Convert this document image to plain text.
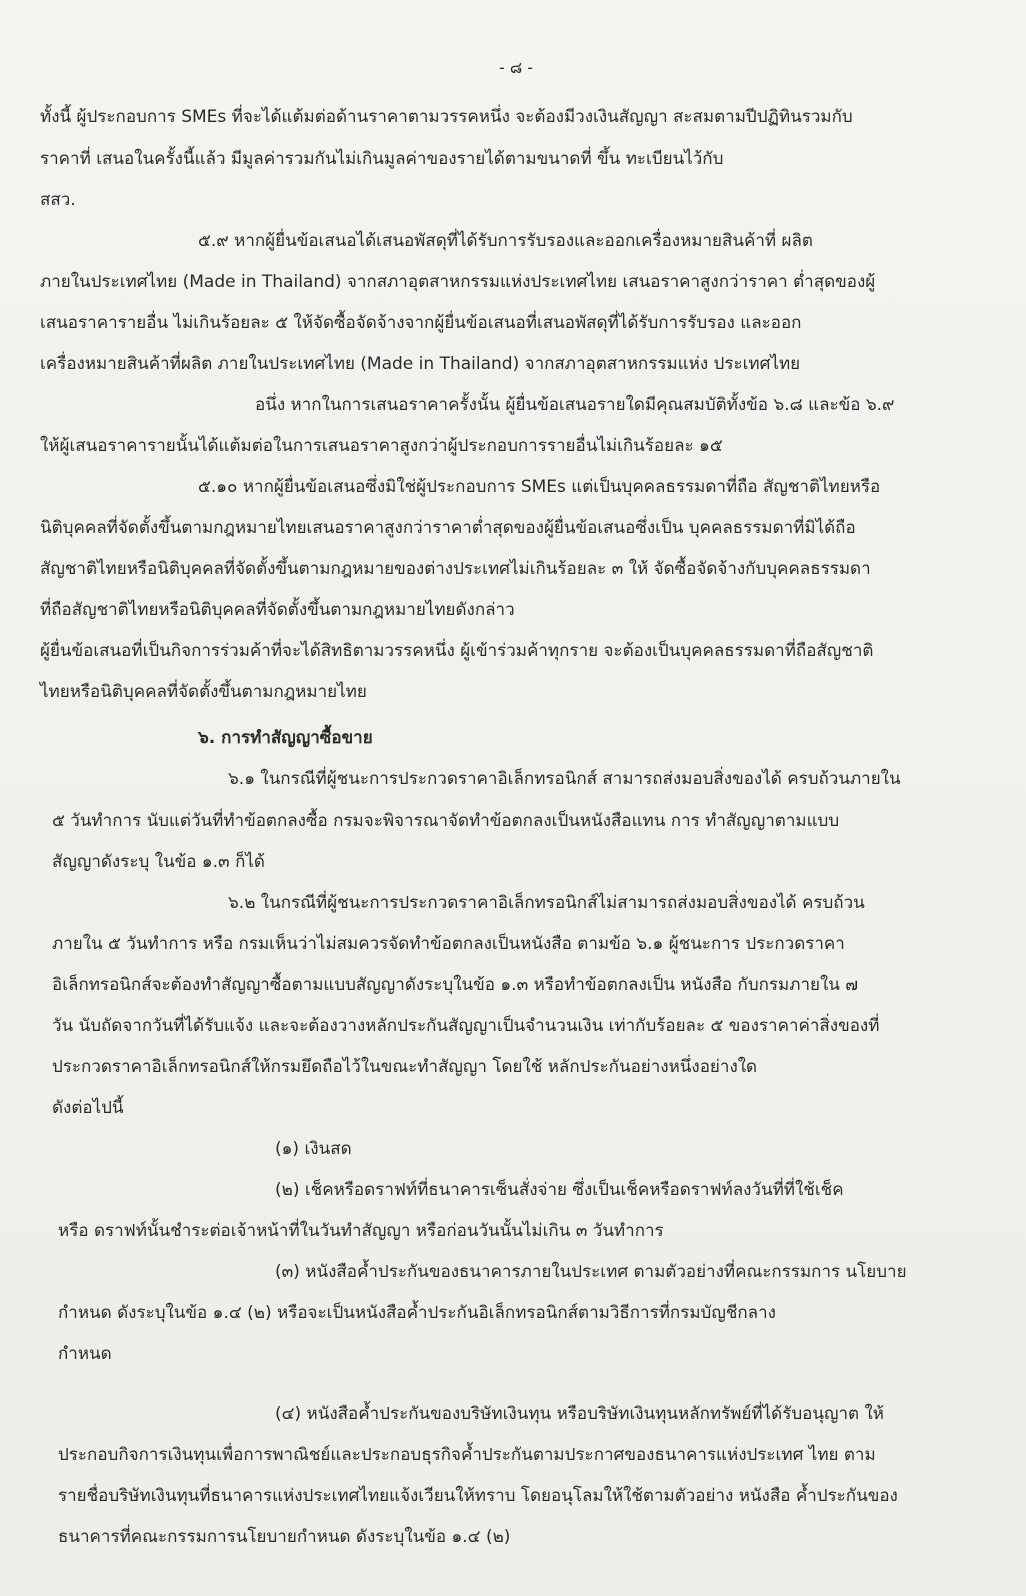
- ๘ -
ทั้งนี้ ผู้ประกอบการ SMEs ที่จะได้แต้มต่อด้านราคาตามวรรคหนึ่ง จะต้องมีวงเงินสัญญา สะสมตามปีปฏิทินรวมกับ
ราคาที่ เสนอในครั้งนี้แล้ว มีมูลค่ารวมกันไม่เกินมูลค่าของรายได้ตามขนาดที่ ขึ้น ทะเบียนไว้กับ
สสว.
๕.๙ หากผู้ยื่นข้อเสนอได้เสนอพัสดุที่ได้รับการรับรองและออกเครื่องหมายสินค้าที่ ผลิต
ภายในประเทศไทย (Made in Thailand) จากสภาอุตสาหกรรมแห่งประเทศไทย เสนอราคาสูงกว่าราคา ต่ำสุดของผู้
เสนอราคารายอื่น ไม่เกินร้อยละ ๕ ให้จัดซื้อจัดจ้างจากผู้ยื่นข้อเสนอที่เสนอพัสดุที่ได้รับการรับรอง และออก
เครื่องหมายสินค้าที่ผลิต ภายในประเทศไทย (Made in Thailand) จากสภาอุตสาหกรรมแห่ง ประเทศไทย
อนึ่ง หากในการเสนอราคาครั้งนั้น ผู้ยื่นข้อเสนอรายใดมีคุณสมบัติทั้งข้อ ๖.๘ และข้อ ๖.๙
ให้ผู้เสนอราคารายนั้นได้แต้มต่อในการเสนอราคาสูงกว่าผู้ประกอบการรายอื่นไม่เกินร้อยละ ๑๕
๕.๑๐ หากผู้ยื่นข้อเสนอซึ่งมิใช่ผู้ประกอบการ SMEs แต่เป็นบุคคลธรรมดาที่ถือ สัญชาติไทยหรือ
นิติบุคคลที่จัดตั้งขึ้นตามกฎหมายไทยเสนอราคาสูงกว่าราคาต่ำสุดของผู้ยื่นข้อเสนอซึ่งเป็น บุคคลธรรมดาที่มิได้ถือ
สัญชาติไทยหรือนิติบุคคลที่จัดตั้งขึ้นตามกฎหมายของต่างประเทศไม่เกินร้อยละ ๓ ให้ จัดซื้อจัดจ้างกับบุคคลธรรมดา
ที่ถือสัญชาติไทยหรือนิติบุคคลที่จัดตั้งขึ้นตามกฎหมายไทยดังกล่าว
ผู้ยื่นข้อเสนอที่เป็นกิจการร่วมค้าที่จะได้สิทธิตามวรรคหนึ่ง ผู้เข้าร่วมค้าทุกราย จะต้องเป็นบุคคลธรรมดาที่ถือสัญชาติ
ไทยหรือนิติบุคคลที่จัดตั้งขึ้นตามกฎหมายไทย
๖. การทำสัญญาซื้อขาย
๖.๑ ในกรณีที่ผู้ชนะการประกวดราคาอิเล็กทรอนิกส์ สามารถส่งมอบสิ่งของได้ ครบถ้วนภายใน
๕ วันทำการ นับแต่วันที่ทำข้อตกลงซื้อ กรมจะพิจารณาจัดทำข้อตกลงเป็นหนังสือแทน การ ทำสัญญาตามแบบ
สัญญาดังระบุ ในข้อ ๑.๓ ก็ได้
๖.๒ ในกรณีที่ผู้ชนะการประกวดราคาอิเล็กทรอนิกส์ไม่สามารถส่งมอบสิ่งของได้ ครบถ้วน
ภายใน ๕ วันทำการ หรือ กรมเห็นว่าไม่สมควรจัดทำข้อตกลงเป็นหนังสือ ตามข้อ ๖.๑ ผู้ชนะการ ประกวดราคา
อิเล็กทรอนิกส์จะต้องทำสัญญาซื้อตามแบบสัญญาดังระบุในข้อ ๑.๓ หรือทำข้อตกลงเป็น หนังสือ กับกรมภายใน ๗
วัน นับถัดจากวันที่ได้รับแจ้ง และจะต้องวางหลักประกันสัญญาเป็นจำนวนเงิน เท่ากับร้อยละ ๕ ของราคาค่าสิ่งของที่
ประกวดราคาอิเล็กทรอนิกส์ให้กรมยึดถือไว้ในขณะทำสัญญา โดยใช้ หลักประกันอย่างหนึ่งอย่างใด
ดังต่อไปนี้
(๑) เงินสด
(๒) เช็คหรือดราฟท์ที่ธนาคารเซ็นสั่งจ่าย ซึ่งเป็นเช็คหรือดราฟท์ลงวันที่ที่ใช้เช็ค
หรือ ดราฟท์นั้นชำระต่อเจ้าหน้าที่ในวันทำสัญญา หรือก่อนวันนั้นไม่เกิน ๓ วันทำการ
(๓) หนังสือค้ำประกันของธนาคารภายในประเทศ ตามตัวอย่างที่คณะกรรมการ นโยบาย
กำหนด ดังระบุในข้อ ๑.๔ (๒) หรือจะเป็นหนังสือค้ำประกันอิเล็กทรอนิกส์ตามวิธีการที่กรมบัญชีกลาง
กำหนด
(๔) หนังสือค้ำประกันของบริษัทเงินทุน หรือบริษัทเงินทุนหลักทรัพย์ที่ได้รับอนุญาต ให้
ประกอบกิจการเงินทุนเพื่อการพาณิชย์และประกอบธุรกิจค้ำประกันตามประกาศของธนาคารแห่งประเทศ ไทย ตาม
รายชื่อบริษัทเงินทุนที่ธนาคารแห่งประเทศไทยแจ้งเวียนให้ทราบ โดยอนุโลมให้ใช้ตามตัวอย่าง หนังสือ ค้ำประกันของ
ธนาคารที่คณะกรรมการนโยบายกำหนด ดังระบุในข้อ ๑.๔ (๒)
